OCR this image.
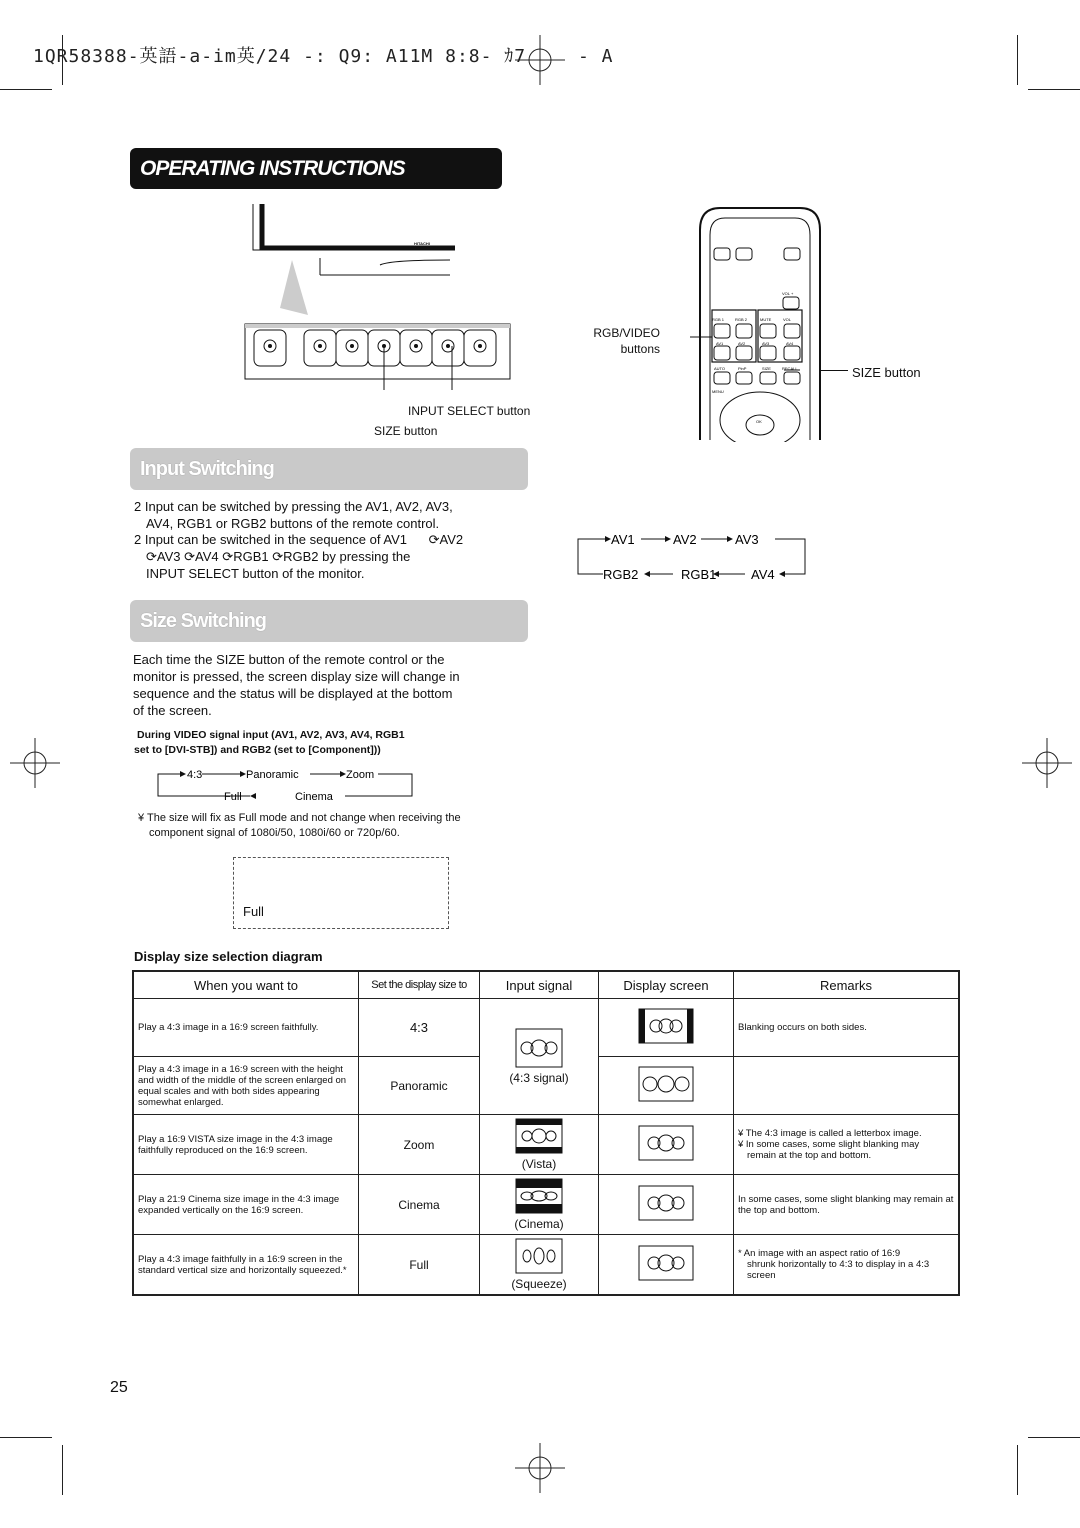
1QR58388-英語-a-im英/24 -: Q9: A11M 8:8- ｶ7	- A
OPERATING INSTRUCTIONS
HITACHI
INPUT SELECT button
SIZE button
OK
MENU
RGB 1	RGB 2	MUTE	VOL
AV1	AV2	AV3	AV4
AUTO	PinP	SIZE	RECALL
VOL +
RGB/VIDEO
buttons
SIZE button
Input Switching
2 Input can be switched by pressing the AV1, AV2, AV3,
AV4, RGB1 or RGB2 buttons of the remote control.
2 Input can be switched in the sequence of AV1 ⟳AV2
⟳AV3 ⟳AV4 ⟳RGB1 ⟳RGB2 by pressing the
INPUT SELECT button of the monitor.
AV1	AV2	AV3
AV4
RGB1
RGB2
Size Switching
Each time the SIZE button of the remote control or the
monitor is pressed, the screen display size will change in
sequence and the status will be displayed at the bottom
of the screen.
During VIDEO signal input (AV1, AV2, AV3, AV4, RGB1
set to [DVI-STB]) and RGB2 (set to [Component]))
4:3	Panoramic	Zoom
Cinema
Full
¥ The size will fix as Full mode and not change when receiving the
component signal of 1080i/50, 1080i/60 or 720p/60.
Full
Display size selection diagram
When you want to	Set the display size to	Input signal	Display screen	Remarks
Play a 4:3 image in a 16:9 screen faithfully.	4:3	(4:3 signal)		Blanking occurs on both sides.
Play a 4:3 image in a 16:9 screen with the height and width of the middle of the screen enlarged on equal scales and with both sides appearing somewhat enlarged.	Panoramic		
Play a 16:9 VISTA size image in the 4:3 image faithfully reproduced on the 16:9 screen.	Zoom	(Vista)		¥ The 4:3 image is called a letterbox image.
¥ In some cases, some slight blanking may
remain at the top and bottom.

Play a 21:9 Cinema size image in the 4:3 image expanded vertically on the 16:9 screen.	Cinema	(Cinema)		In some cases, some slight blanking may remain at the top and bottom.
Play a 4:3 image faithfully in a 16:9 screen in the standard vertical size and horizontally squeezed.*	Full	(Squeeze)		* An image with an aspect ratio of 16:9
shrunk horizontally to 4:3 to display in a 4:3
screen
25
